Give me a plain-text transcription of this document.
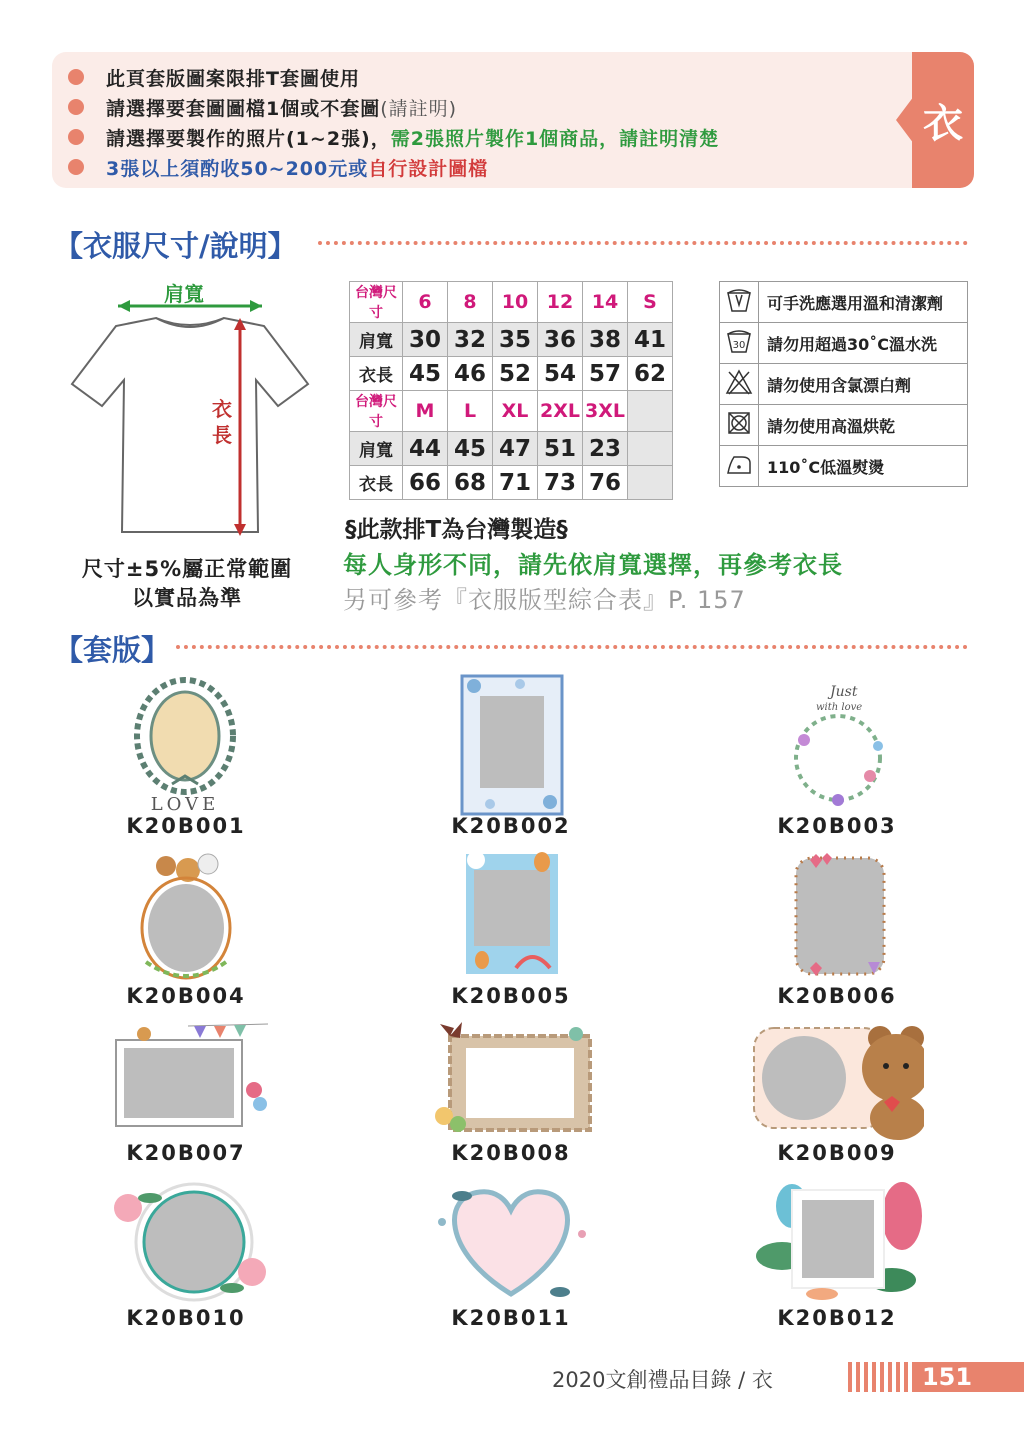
衣
此頁套版圖案限排T套圖使用
請選擇要套圖圖檔1個或不套圖(請註明)
請選擇要製作的照片(1~2張)，需2張照片製作1個商品，請註明清楚
3張以上須酌收50~200元或自行設計圖檔
【衣服尺寸/說明】
肩寬
衣
長
尺寸±5%屬正常範圍
以實品為準
台灣尺寸	6	8	10	12	14	S
肩寬	30	32	35	36	38	41
衣長	45	46	52	54	57	62
台灣尺寸	M	L	XL	2XL	3XL	
肩寬	44	45	47	51	23	
衣長	66	68	71	73	76	
	可手洗應選用溫和清潔劑

30	請勿用超過30˚C溫水洗
	請勿使用含氯漂白劑
	請勿使用高溫烘乾
	110˚C低溫熨燙
§此款排T為台灣製造§
每人身形不同，請先依肩寬選擇，再參考衣長
另可參考『衣服版型綜合表』P. 157
【套版】
LOVE
K20B001	K20B002
Just
with love
K20B003
K20B004	K20B005	K20B006
K20B007	K20B008	K20B009
K20B010	K20B011	K20B012
2020文創禮品目錄 / 衣	151
